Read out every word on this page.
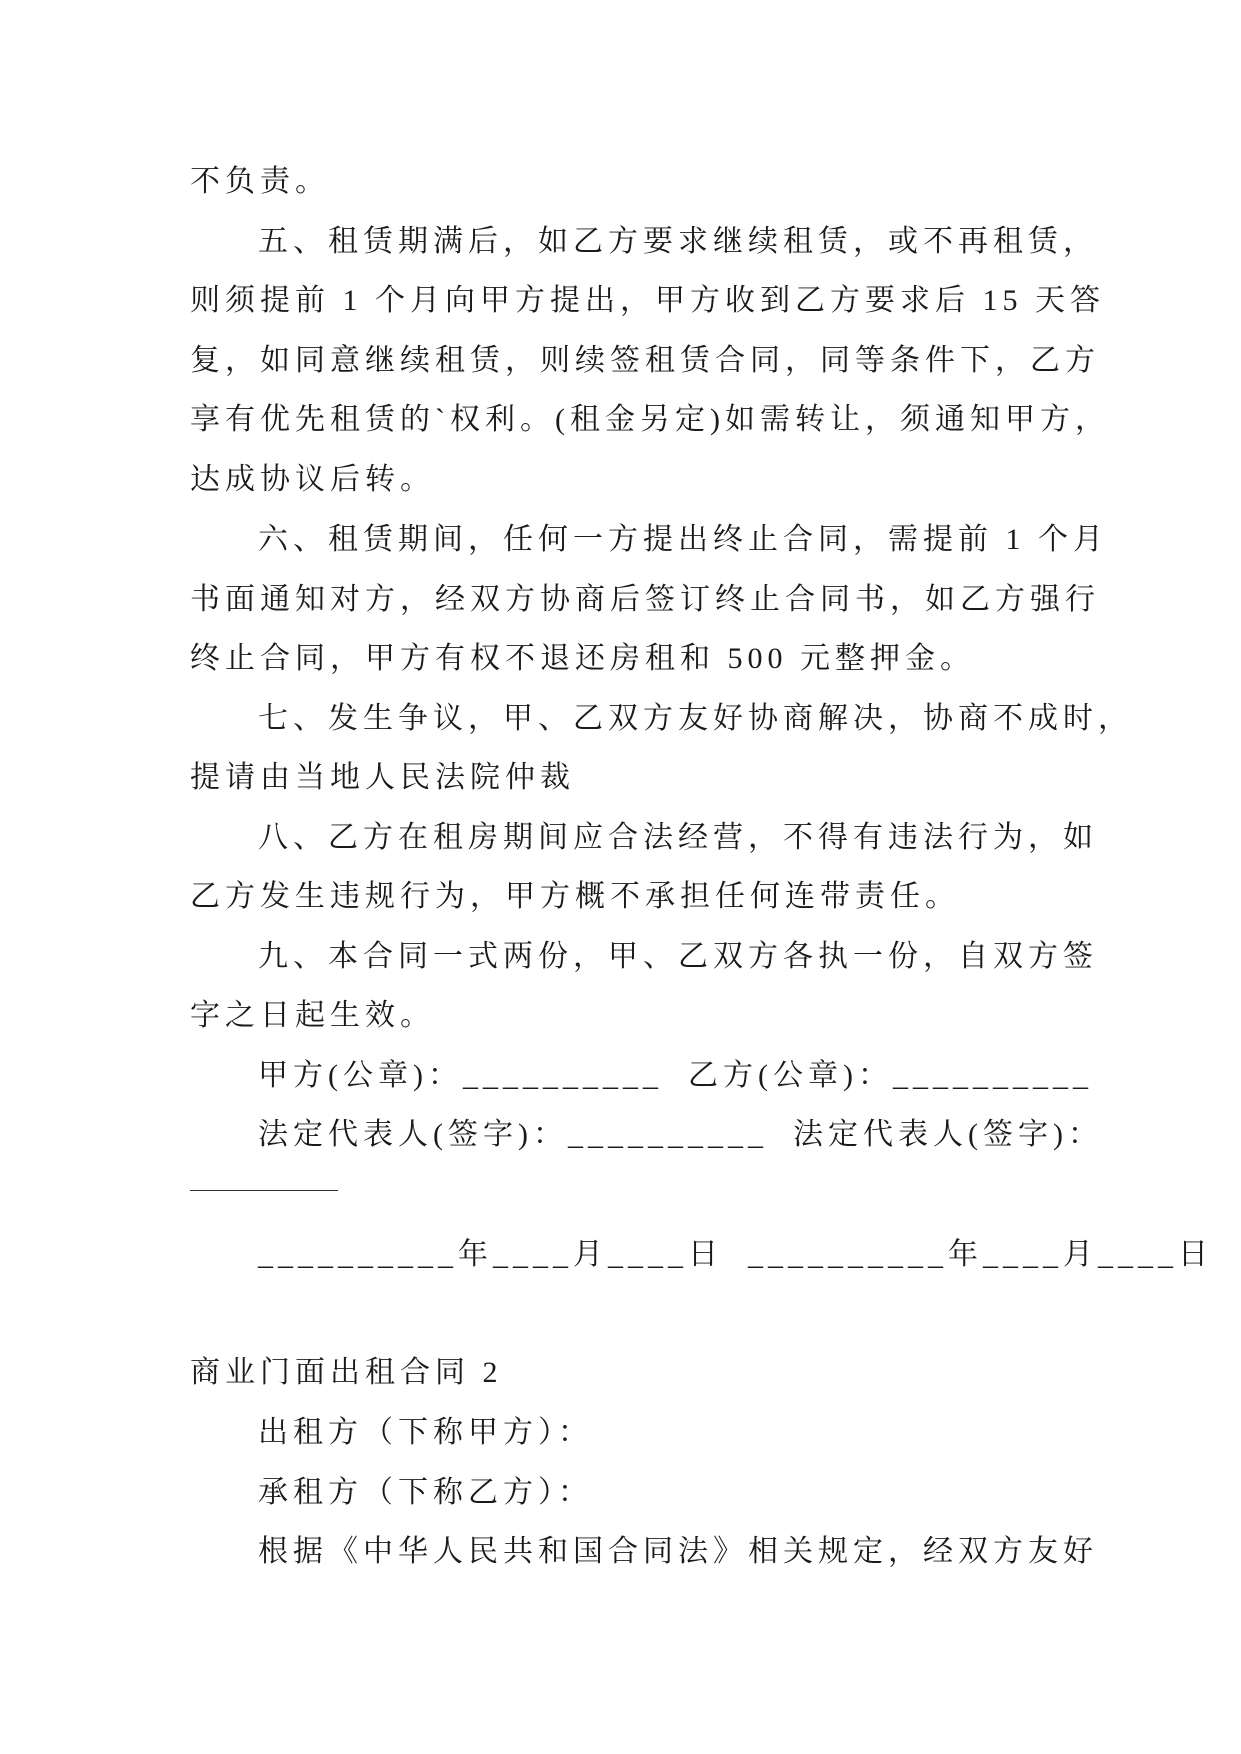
不负责。
五、租赁期满后，如乙方要求继续租赁，或不再租赁，
则须提前 1 个月向甲方提出，甲方收到乙方要求后 15 天答
复，如同意继续租赁，则续签租赁合同，同等条件下，乙方
享有优先租赁的`权利。(租金另定)如需转让，须通知甲方，
达成协议后转。
六、租赁期间，任何一方提出终止合同，需提前 1 个月
书面通知对方，经双方协商后签订终止合同书，如乙方强行
终止合同，甲方有权不退还房租和 500 元整押金。
七、发生争议，甲、乙双方友好协商解决，协商不成时，
提请由当地人民法院仲裁
八、乙方在租房期间应合法经营，不得有违法行为，如
乙方发生违规行为，甲方概不承担任何连带责任。
九、本合同一式两份，甲、乙双方各执一份，自双方签
字之日起生效。
甲方(公章)：__________  乙方(公章)：__________
法定代表人(签字)：__________  法定代表人(签字)：
__________年____月____日  __________年____月____日
商业门面出租合同 2
出租方（下称甲方）：
承租方（下称乙方）：
根据《中华人民共和国合同法》相关规定，经双方友好
